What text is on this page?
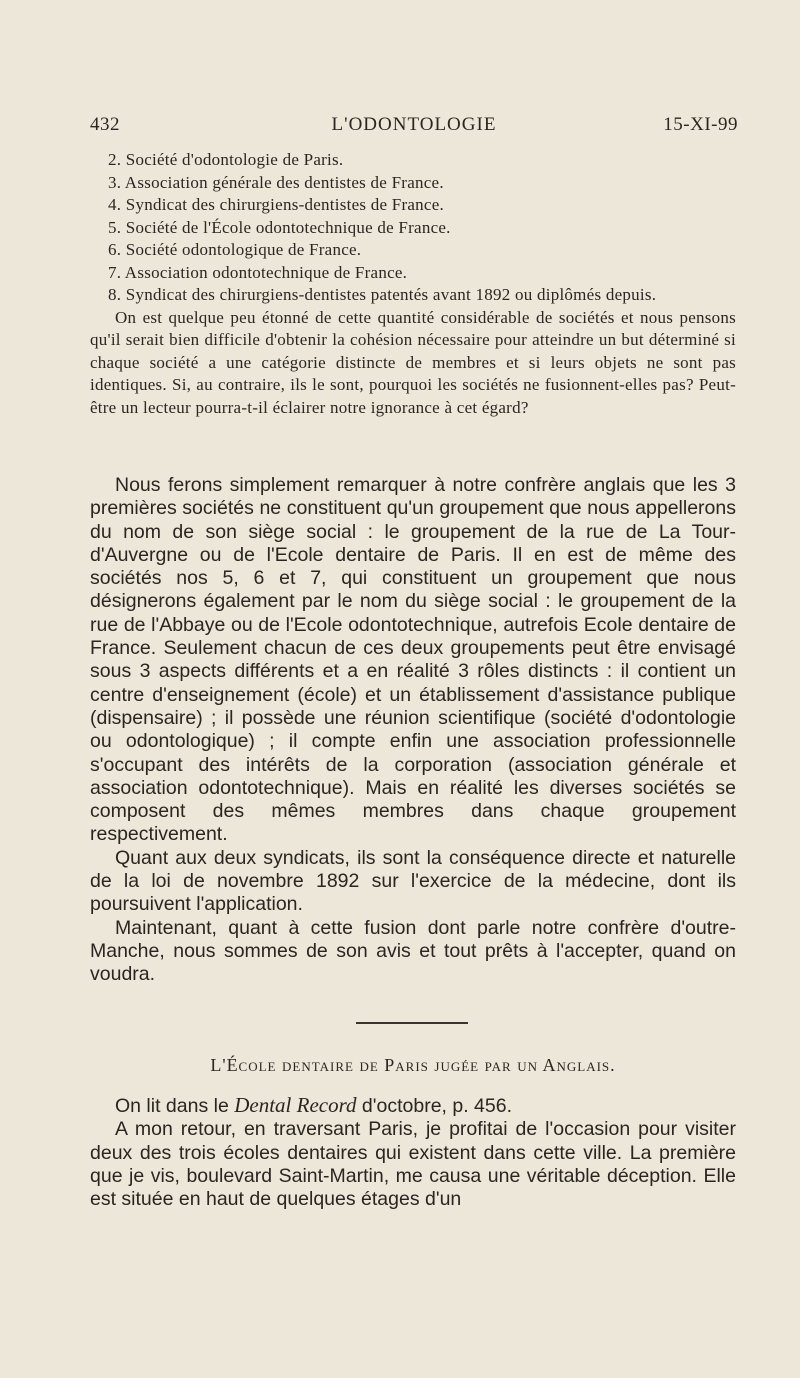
432	L'ODONTOLOGIE	15-XI-99
2. Société d'odontologie de Paris.
3. Association générale des dentistes de France.
4. Syndicat des chirurgiens-dentistes de France.
5. Société de l'École odontotechnique de France.
6. Société odontologique de France.
7. Association odontotechnique de France.
8. Syndicat des chirurgiens-dentistes patentés avant 1892 ou diplômés depuis.

On est quelque peu étonné de cette quantité considérable de sociétés et nous pensons qu'il serait bien difficile d'obtenir la cohésion nécessaire pour atteindre un but déterminé si chaque société a une catégorie distincte de membres et si leurs objets ne sont pas identiques. Si, au contraire, ils le sont, pourquoi les sociétés ne fusionnent-elles pas? Peut-être un lecteur pourra-t-il éclairer notre ignorance à cet égard?

Nous ferons simplement remarquer à notre confrère anglais que les 3 premières sociétés ne constituent qu'un groupement que nous appellerons du nom de son siège social : le groupement de la rue de La Tour-d'Auvergne ou de l'Ecole dentaire de Paris. Il en est de même des sociétés nos 5, 6 et 7, qui constituent un groupement que nous désignerons également par le nom du siège social : le groupement de la rue de l'Abbaye ou de l'Ecole odontotechnique, autrefois Ecole dentaire de France. Seulement chacun de ces deux groupements peut être envisagé sous 3 aspects différents et a en réalité 3 rôles distincts : il contient un centre d'enseignement (école) et un établissement d'assistance publique (dispensaire) ; il possède une réunion scientifique (société d'odontologie ou odontologique) ; il compte enfin une association professionnelle s'occupant des intérêts de la corporation (association générale et association odontotechnique). Mais en réalité les diverses sociétés se composent des mêmes membres dans chaque groupement respectivement.

Quant aux deux syndicats, ils sont la conséquence directe et naturelle de la loi de novembre 1892 sur l'exercice de la médecine, dont ils poursuivent l'application.

Maintenant, quant à cette fusion dont parle notre confrère d'outre-Manche, nous sommes de son avis et tout prêts à l'accepter, quand on voudra.

L'École dentaire de Paris jugée par un Anglais.

On lit dans le Dental Record d'octobre, p. 456.

A mon retour, en traversant Paris, je profitai de l'occasion pour visiter deux des trois écoles dentaires qui existent dans cette ville. La première que je vis, boulevard Saint-Martin, me causa une véritable déception. Elle est située en haut de quelques étages d'un
